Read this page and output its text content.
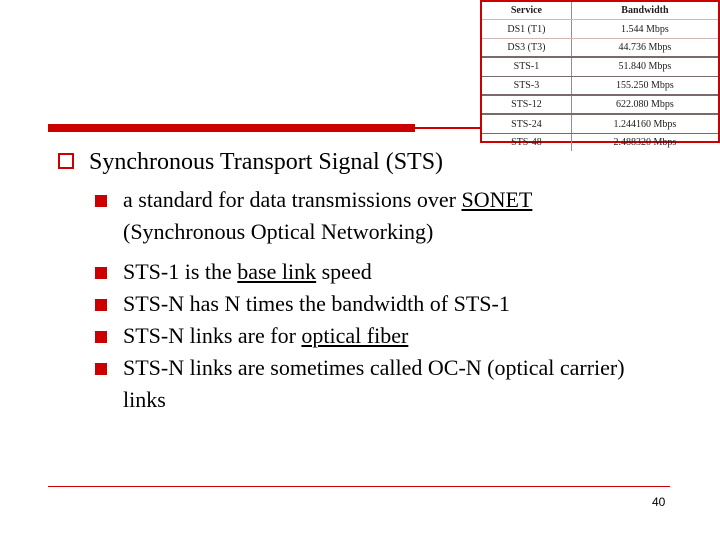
Service	Bandwidth
DS1 (T1)	1.544 Mbps
DS3 (T3)	44.736 Mbps
STS-1	51.840 Mbps
STS-3	155.250 Mbps
STS-12	622.080 Mbps
STS-24	1.244160 Mbps
STS-48	2.488320 Mbps
Synchronous Transport Signal (STS)
a standard for data transmissions over SONET
(Synchronous Optical Networking)
STS-1 is the base link speed
STS-N has N times the bandwidth of STS-1
STS-N links are for optical fiber
STS-N links are sometimes called OC-N (optical carrier) links
40
